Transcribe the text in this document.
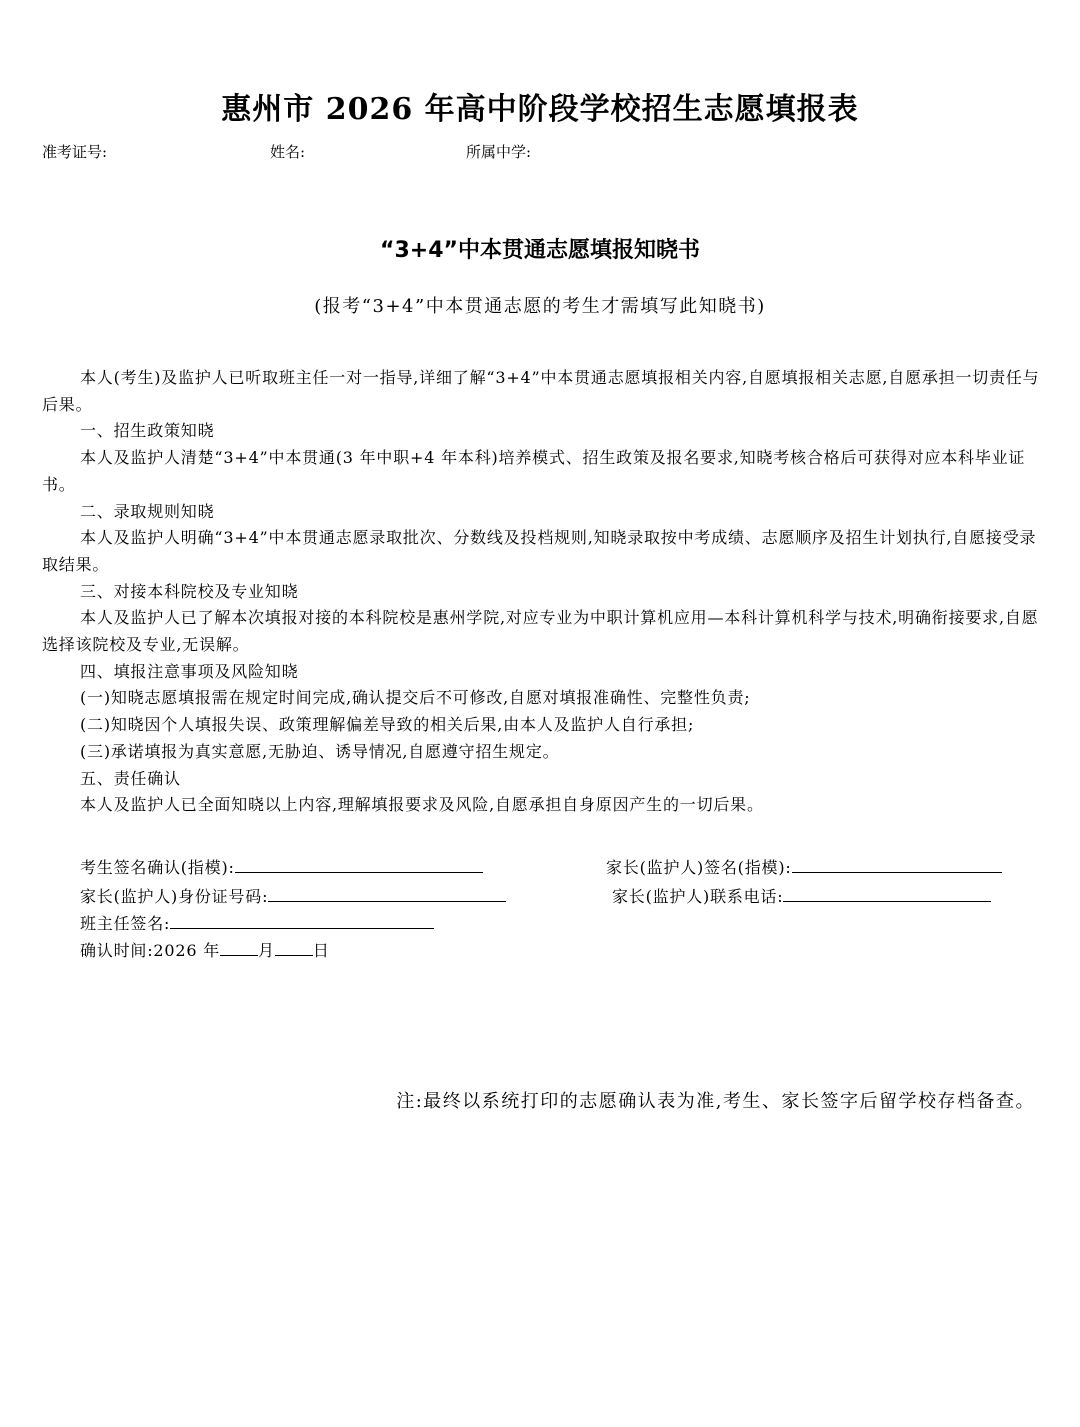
惠州市 2026 年高中阶段学校招生志愿填报表
准考证号:	姓名:	所属中学:
“3+4”中本贯通志愿填报知晓书
(报考“3+4”中本贯通志愿的考生才需填写此知晓书)

本人(考生)及监护人已听取班主任一对一指导,详细了解“3+4”中本贯通志愿填报相关内容,自愿填报相关志愿,自愿承担一切责任与后果。

一、招生政策知晓

本人及监护人清楚“3+4”中本贯通(3 年中职+4 年本科)培养模式、招生政策及报名要求,知晓考核合格后可获得对应本科毕业证书。

二、录取规则知晓

本人及监护人明确“3+4”中本贯通志愿录取批次、分数线及投档规则,知晓录取按中考成绩、志愿顺序及招生计划执行,自愿接受录取结果。

三、对接本科院校及专业知晓

本人及监护人已了解本次填报对接的本科院校是惠州学院,对应专业为中职计算机应用—本科计算机科学与技术,明确衔接要求,自愿选择该院校及专业,无误解。

四、填报注意事项及风险知晓

(一)知晓志愿填报需在规定时间完成,确认提交后不可修改,自愿对填报准确性、完整性负责;

(二)知晓因个人填报失误、政策理解偏差导致的相关后果,由本人及监护人自行承担;

(三)承诺填报为真实意愿,无胁迫、诱导情况,自愿遵守招生规定。

五、责任确认

本人及监护人已全面知晓以上内容,理解填报要求及风险,自愿承担自身原因产生的一切后果。

考生签名确认(指模):	家长(监护人)签名(指模):
家长(监护人)身份证号码:	家长(监护人)联系电话:
班主任签名:
确认时间:2026 年 月 日
注:最终以系统打印的志愿确认表为准,考生、家长签字后留学校存档备查。
